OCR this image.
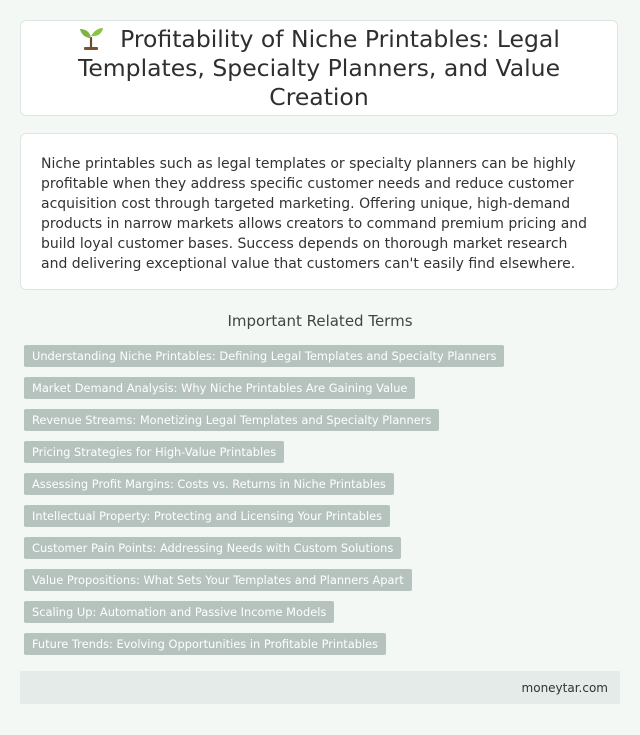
Profitability of Niche Printables: Legal Templates, Specialty Planners, and Value Creation

Niche printables such as legal templates or specialty planners can be highly profitable when they address specific customer needs and reduce customer acquisition cost through targeted marketing. Offering unique, high-demand products in narrow markets allows creators to command premium pricing and build loyal customer bases. Success depends on thorough market research and delivering exceptional value that customers can't easily find elsewhere.

Important Related Terms
Understanding Niche Printables: Defining Legal Templates and Specialty Planners
Market Demand Analysis: Why Niche Printables Are Gaining Value
Revenue Streams: Monetizing Legal Templates and Specialty Planners
Pricing Strategies for High-Value Printables
Assessing Profit Margins: Costs vs. Returns in Niche Printables
Intellectual Property: Protecting and Licensing Your Printables
Customer Pain Points: Addressing Needs with Custom Solutions
Value Propositions: What Sets Your Templates and Planners Apart
Scaling Up: Automation and Passive Income Models
Future Trends: Evolving Opportunities in Profitable Printables
moneytar.com
